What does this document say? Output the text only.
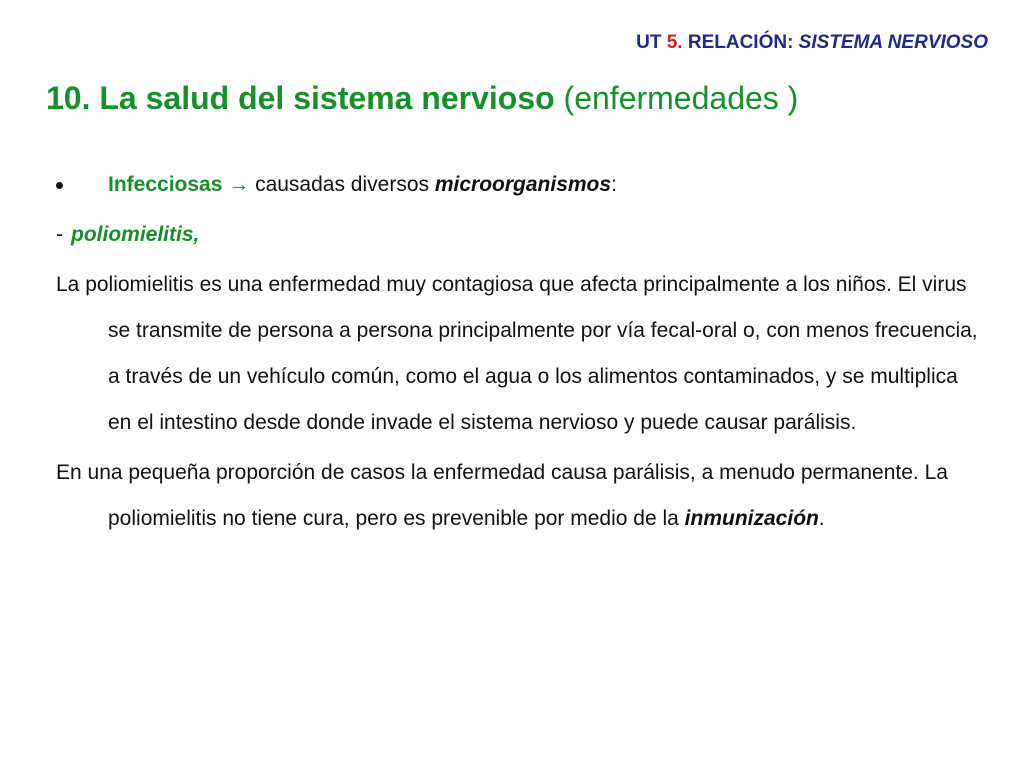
UT 5. RELACIÓN: SISTEMA NERVIOSO
10. La salud del sistema nervioso (enfermedades )
Infecciosas → causadas diversos microorganismos:
- poliomielitis,

La poliomielitis es una enfermedad muy contagiosa que afecta principalmente a los niños. El virus se transmite de persona a persona principalmente por vía fecal-oral o, con menos frecuencia, a través de un vehículo común, como el agua o los alimentos contaminados, y se multiplica en el intestino desde donde invade el sistema nervioso y puede causar parálisis.

En una pequeña proporción de casos la enfermedad causa parálisis, a menudo permanente. La poliomielitis no tiene cura, pero es prevenible por medio de la inmunización.
